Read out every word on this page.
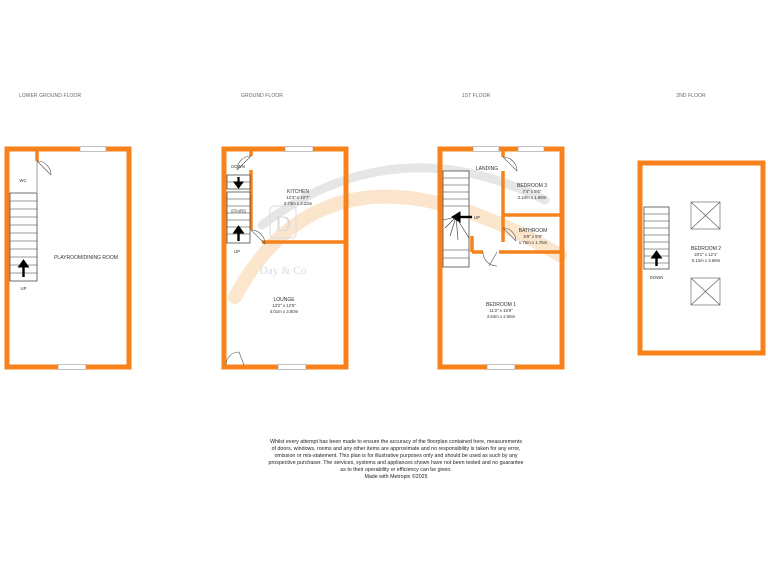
D
Day & Co
LOWER GROUND FLOOR	GROUND FLOOR	1ST FLOOR	2ND FLOOR
WC
UP
PLAYROOM/DINING ROOM
DOWN
STAIRS
UP
KITCHEN
12'3" x 10'7"
3.73m x 3.23m
LOUNGE
13'2" x 12'5"
4.01m x 3.80m
UP
LANDING
BEDROOM 3
7'4" x 5'6"
2.24m x 1.68m
BATHROOM
5'9" x 5'9"
1.75m x 1.75m
BEDROOM 1
11'2" x 15'9"
4.64m x 2.58m
DOWN
BEDROOM 2
20'1" x 12'1"
6.12m x 3.68m

Whilst every attempt has been made to ensure the accuracy of the floorplan contained here, measurements

of doors, windows, rooms and any other items are approximate and no responsibility is taken for any error,

omission or mis-statement. This plan is for illustrative purposes only and should be used as such by any

prospective purchaser. The services, systems and appliances shown have not been tested and no guarantee

as to their operability or efficiency can be given.

Made with Metropix ©2025
